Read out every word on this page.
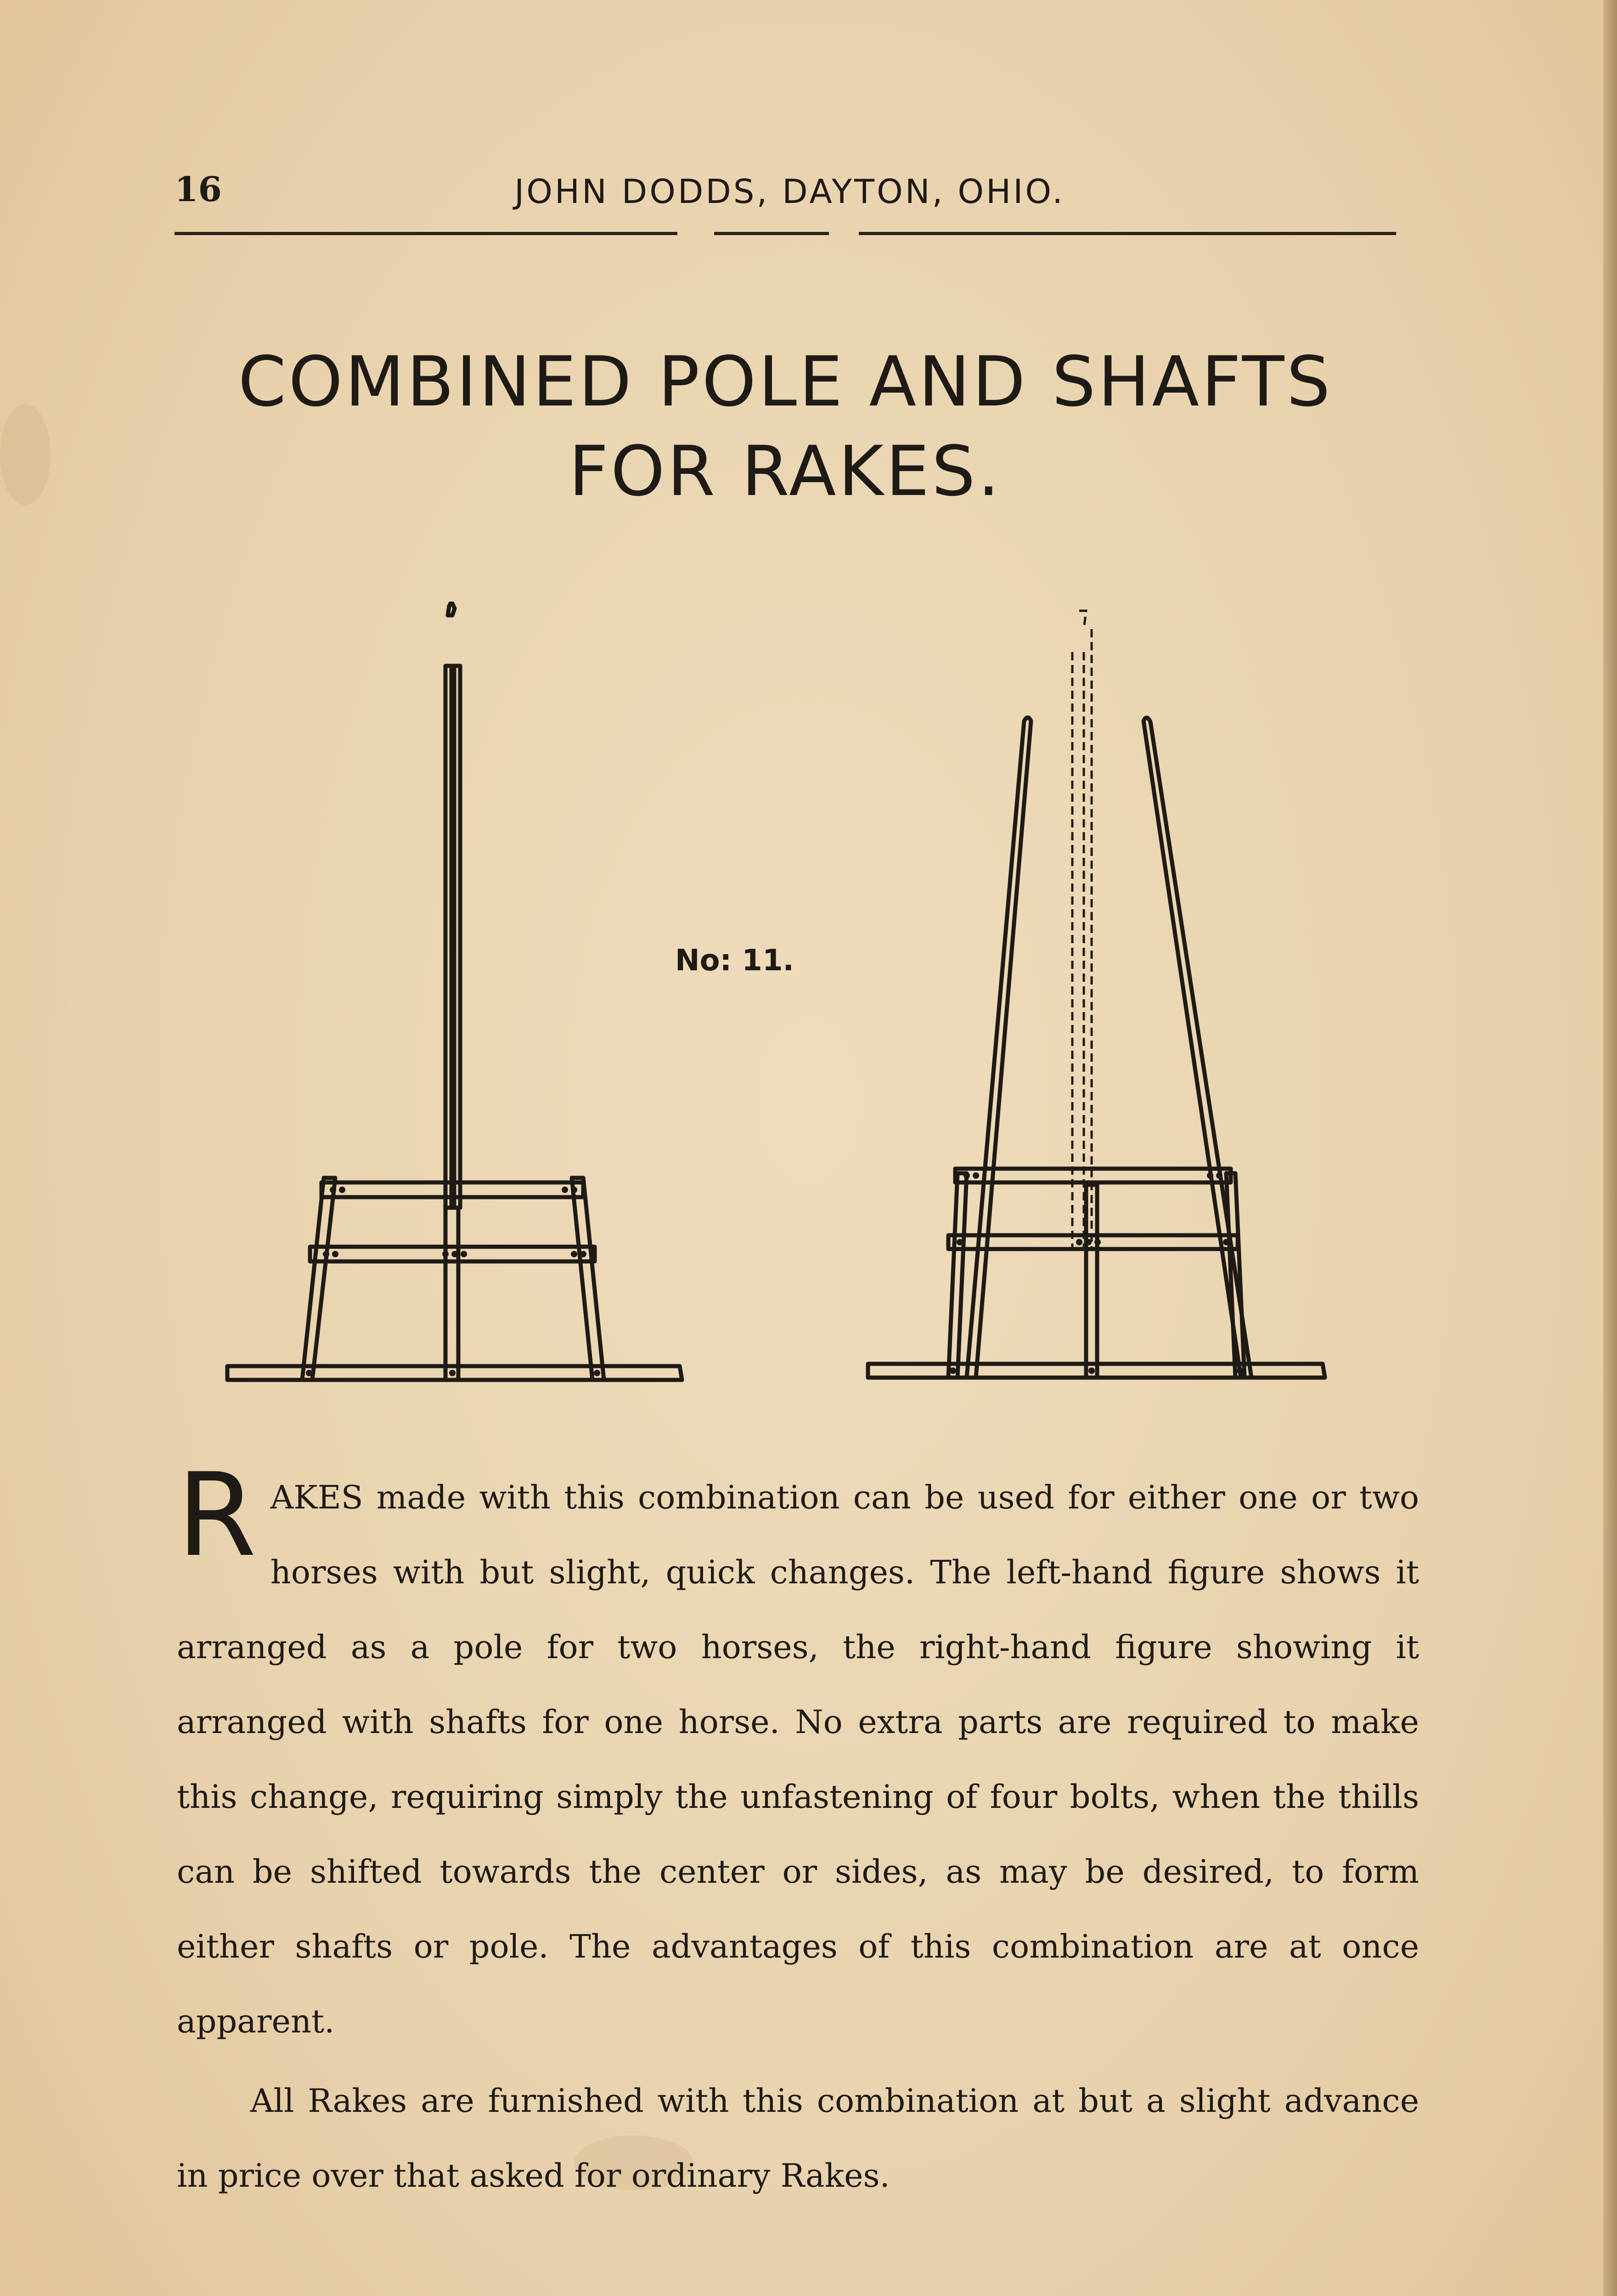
16	JOHN DODDS, DAYTON, OHIO.
COMBINED POLE AND SHAFTS
FOR RAKES.
No: 11.

RAKES made with this combination can be used for either one or two horses with but slight, quick changes. The left-hand figure shows it arranged as a pole for two horses, the right-hand figure showing it arranged with shafts for one horse. No extra parts are required to make this change, requiring simply the unfastening of four bolts, when the thills can be shifted towards the center or sides, as may be desired, to form either shafts or pole. The advantages of this combination are at once apparent.

All Rakes are furnished with this combination at but a slight advance in price over that asked for ordinary Rakes.
